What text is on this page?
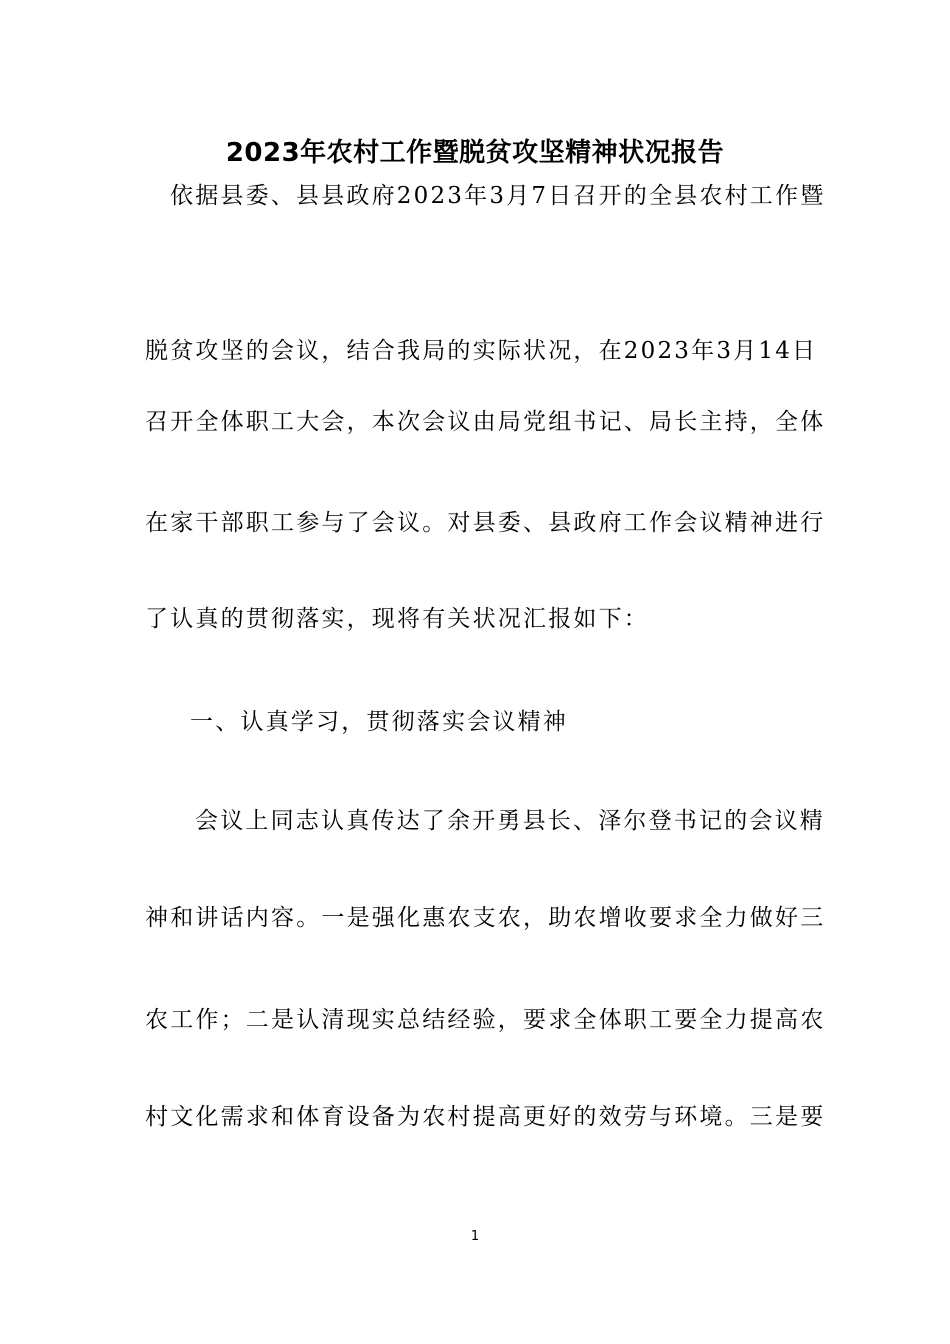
2023年农村工作暨脱贫攻坚精神状况报告
依据县委、县县政府2023年3月7日召开的全县农村工作暨
脱贫攻坚的会议，结合我局的实际状况，在2023年3月14日
召开全体职工大会，本次会议由局党组书记、局长主持，全体
在家干部职工参与了会议。对县委、县政府工作会议精神进行
了认真的贯彻落实，现将有关状况汇报如下：
一、认真学习，贯彻落实会议精神
会议上同志认真传达了余开勇县长、泽尔登书记的会议精
神和讲话内容。一是强化惠农支农，助农增收要求全力做好三
农工作；二是认清现实总结经验，要求全体职工要全力提高农
村文化需求和体育设备为农村提高更好的效劳与环境。三是要
1
